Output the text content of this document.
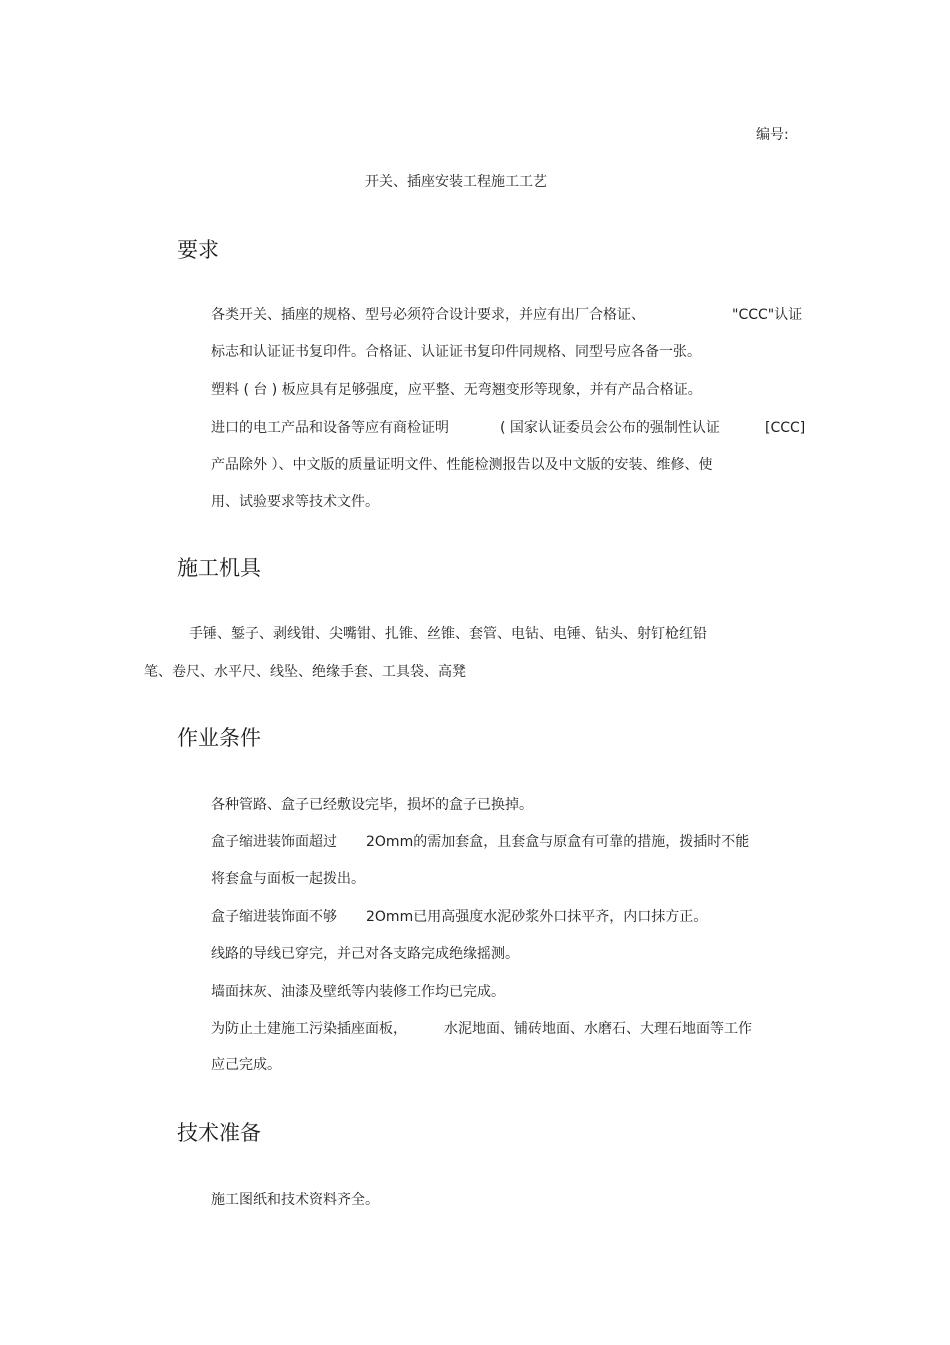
编号:
开关、插座安装工程施工工艺
要求
各类开关、插座的规格、型号必须符合设计要求，并应有出厂合格证、	"CCC"认证
标志和认证证书复印件。合格证、认证证书复印件同规格、同型号应各备一张。
塑料 ( 台 ) 板应具有足够强度，应平整、无弯翘变形等现象，并有产品合格证。
进口的电工产品和设备等应有商检证明	( 国家认证委员会公布的强制性认证	[CCC]
产品除外 ）、中文版的质量证明文件、性能检测报告以及中文版的安装、维修、使
用、试验要求等技术文件。
施工机具
手锤、錾子、剥线钳、尖嘴钳、扎锥、丝锥、套管、电钻、电锤、钻头、射钉枪红铅
笔、卷尺、水平尺、线坠、绝缘手套、工具袋、高凳
作业条件
各种管路、盒子已经敷设完毕，损坏的盒子已换掉。
盒子缩进装饰面超过 2Omm的需加套盒，且套盒与原盒有可靠的措施，拨插时不能
将套盒与面板一起拨出。
盒子缩进装饰面不够 2Omm已用高强度水泥砂浆外口抹平齐，内口抹方正。
线路的导线已穿完，并己对各支路完成绝缘摇测。
墙面抹灰、油漆及壁纸等内装修工作均已完成。
为防止土建施工污染插座面板，	水泥地面、铺砖地面、水磨石、大理石地面等工作
应己完成。
技术准备
施工图纸和技术资料齐全。
